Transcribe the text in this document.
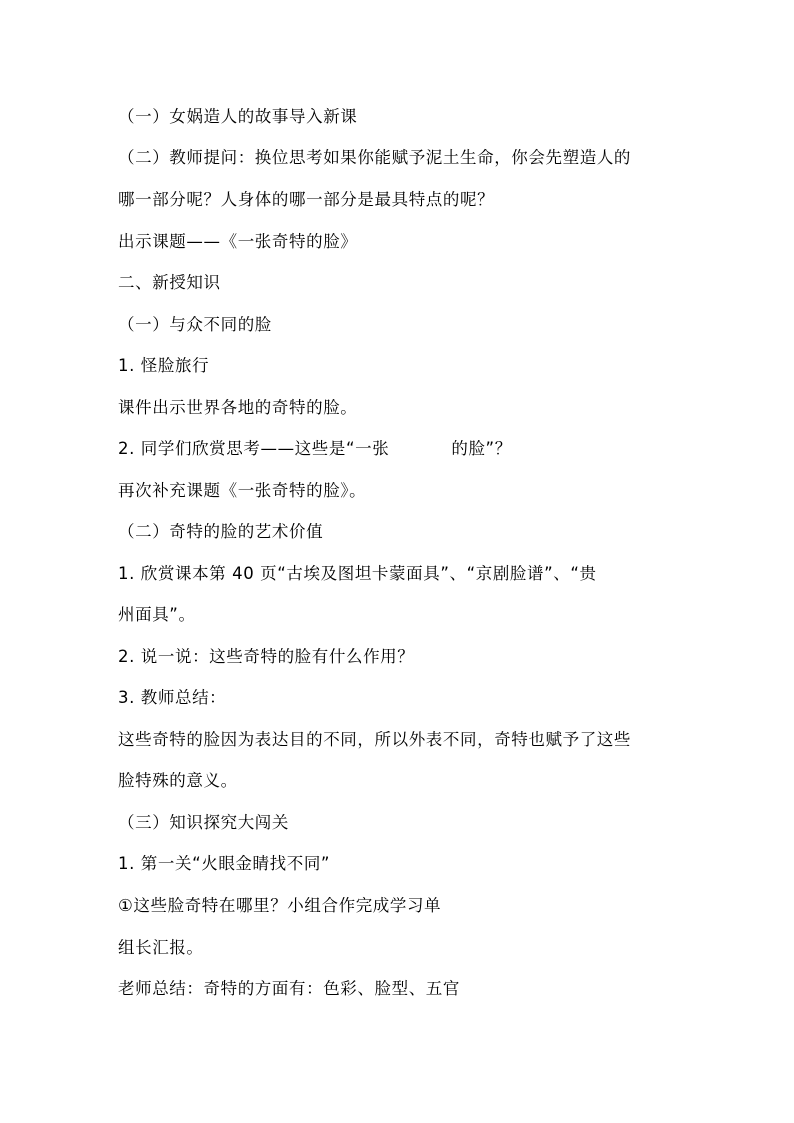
（一）女娲造人的故事导入新课
（二）教师提问：换位思考如果你能赋予泥土生命，你会先塑造人的
哪一部分呢？人身体的哪一部分是最具特点的呢？
出示课题——《一张奇特的脸》
二、新授知识
（一）与众不同的脸
1. 怪脸旅行
课件出示世界各地的奇特的脸。
2. 同学们欣赏思考——这些是“一张	的脸”？
再次补充课题《一张奇特的脸》。
（二）奇特的脸的艺术价值
1. 欣赏课本第 40 页“古埃及图坦卡蒙面具”、“京剧脸谱”、“贵
州面具”。
2. 说一说：这些奇特的脸有什么作用？
3. 教师总结：
这些奇特的脸因为表达目的不同，所以外表不同，奇特也赋予了这些
脸特殊的意义。
（三）知识探究大闯关
1. 第一关“火眼金睛找不同”
①这些脸奇特在哪里？小组合作完成学习单
组长汇报。
老师总结：奇特的方面有：色彩、脸型、五官
